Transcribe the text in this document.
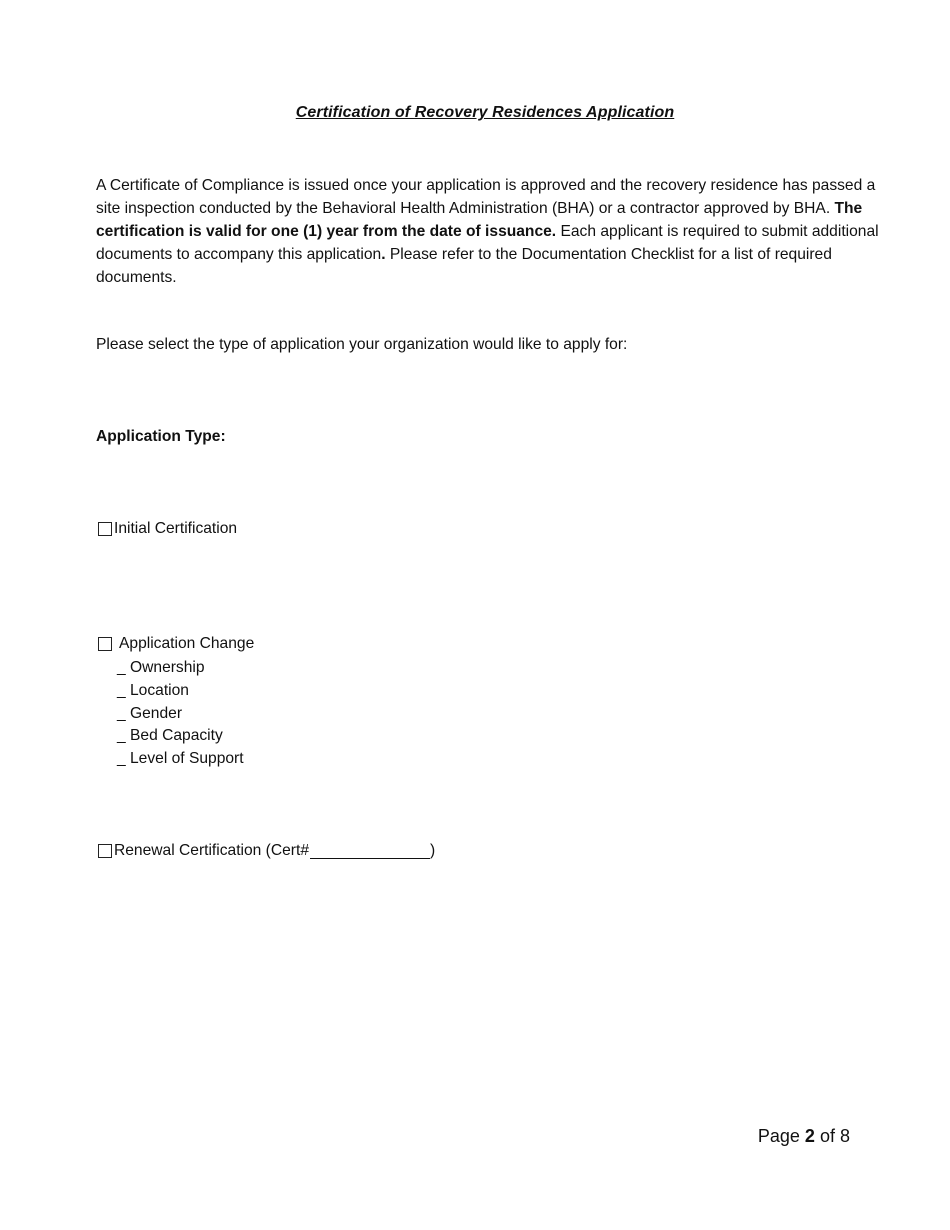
Certification of Recovery Residences Application
A Certificate of Compliance is issued once your application is approved and the recovery residence has passed a site inspection conducted by the Behavioral Health Administration (BHA) or a contractor approved by BHA. The certification is valid for one (1) year from the date of issuance. Each applicant is required to submit additional documents to accompany this application. Please refer to the Documentation Checklist for a list of required documents.
Please select the type of application your organization would like to apply for:
Application Type:
Initial Certification
Application Change
_ Ownership
_ Location
_ Gender
_ Bed Capacity
_ Level of Support
Renewal Certification (Cert#	)
Page 2 of 8
